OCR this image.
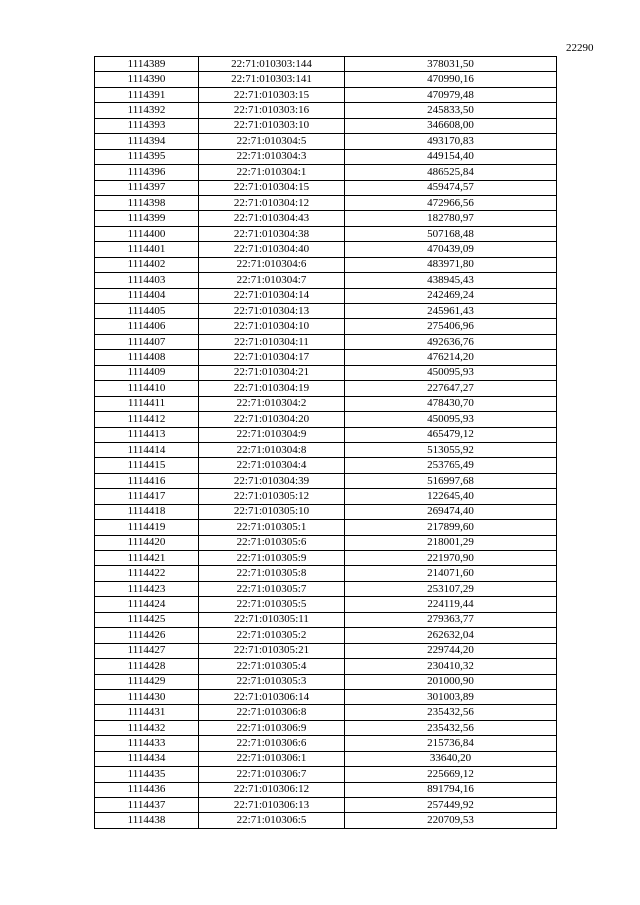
22290
1114389	22:71:010303:144	378031,50
1114390	22:71:010303:141	470990,16
1114391	22:71:010303:15	470979,48
1114392	22:71:010303:16	245833,50
1114393	22:71:010303:10	346608,00
1114394	22:71:010304:5	493170,83
1114395	22:71:010304:3	449154,40
1114396	22:71:010304:1	486525,84
1114397	22:71:010304:15	459474,57
1114398	22:71:010304:12	472966,56
1114399	22:71:010304:43	182780,97
1114400	22:71:010304:38	507168,48
1114401	22:71:010304:40	470439,09
1114402	22:71:010304:6	483971,80
1114403	22:71:010304:7	438945,43
1114404	22:71:010304:14	242469,24
1114405	22:71:010304:13	245961,43
1114406	22:71:010304:10	275406,96
1114407	22:71:010304:11	492636,76
1114408	22:71:010304:17	476214,20
1114409	22:71:010304:21	450095,93
1114410	22:71:010304:19	227647,27
1114411	22:71:010304:2	478430,70
1114412	22:71:010304:20	450095,93
1114413	22:71:010304:9	465479,12
1114414	22:71:010304:8	513055,92
1114415	22:71:010304:4	253765,49
1114416	22:71:010304:39	516997,68
1114417	22:71:010305:12	122645,40
1114418	22:71:010305:10	269474,40
1114419	22:71:010305:1	217899,60
1114420	22:71:010305:6	218001,29
1114421	22:71:010305:9	221970,90
1114422	22:71:010305:8	214071,60
1114423	22:71:010305:7	253107,29
1114424	22:71:010305:5	224119,44
1114425	22:71:010305:11	279363,77
1114426	22:71:010305:2	262632,04
1114427	22:71:010305:21	229744,20
1114428	22:71:010305:4	230410,32
1114429	22:71:010305:3	201000,90
1114430	22:71:010306:14	301003,89
1114431	22:71:010306:8	235432,56
1114432	22:71:010306:9	235432,56
1114433	22:71:010306:6	215736,84
1114434	22:71:010306:1	33640,20
1114435	22:71:010306:7	225669,12
1114436	22:71:010306:12	891794,16
1114437	22:71:010306:13	257449,92
1114438	22:71:010306:5	220709,53
